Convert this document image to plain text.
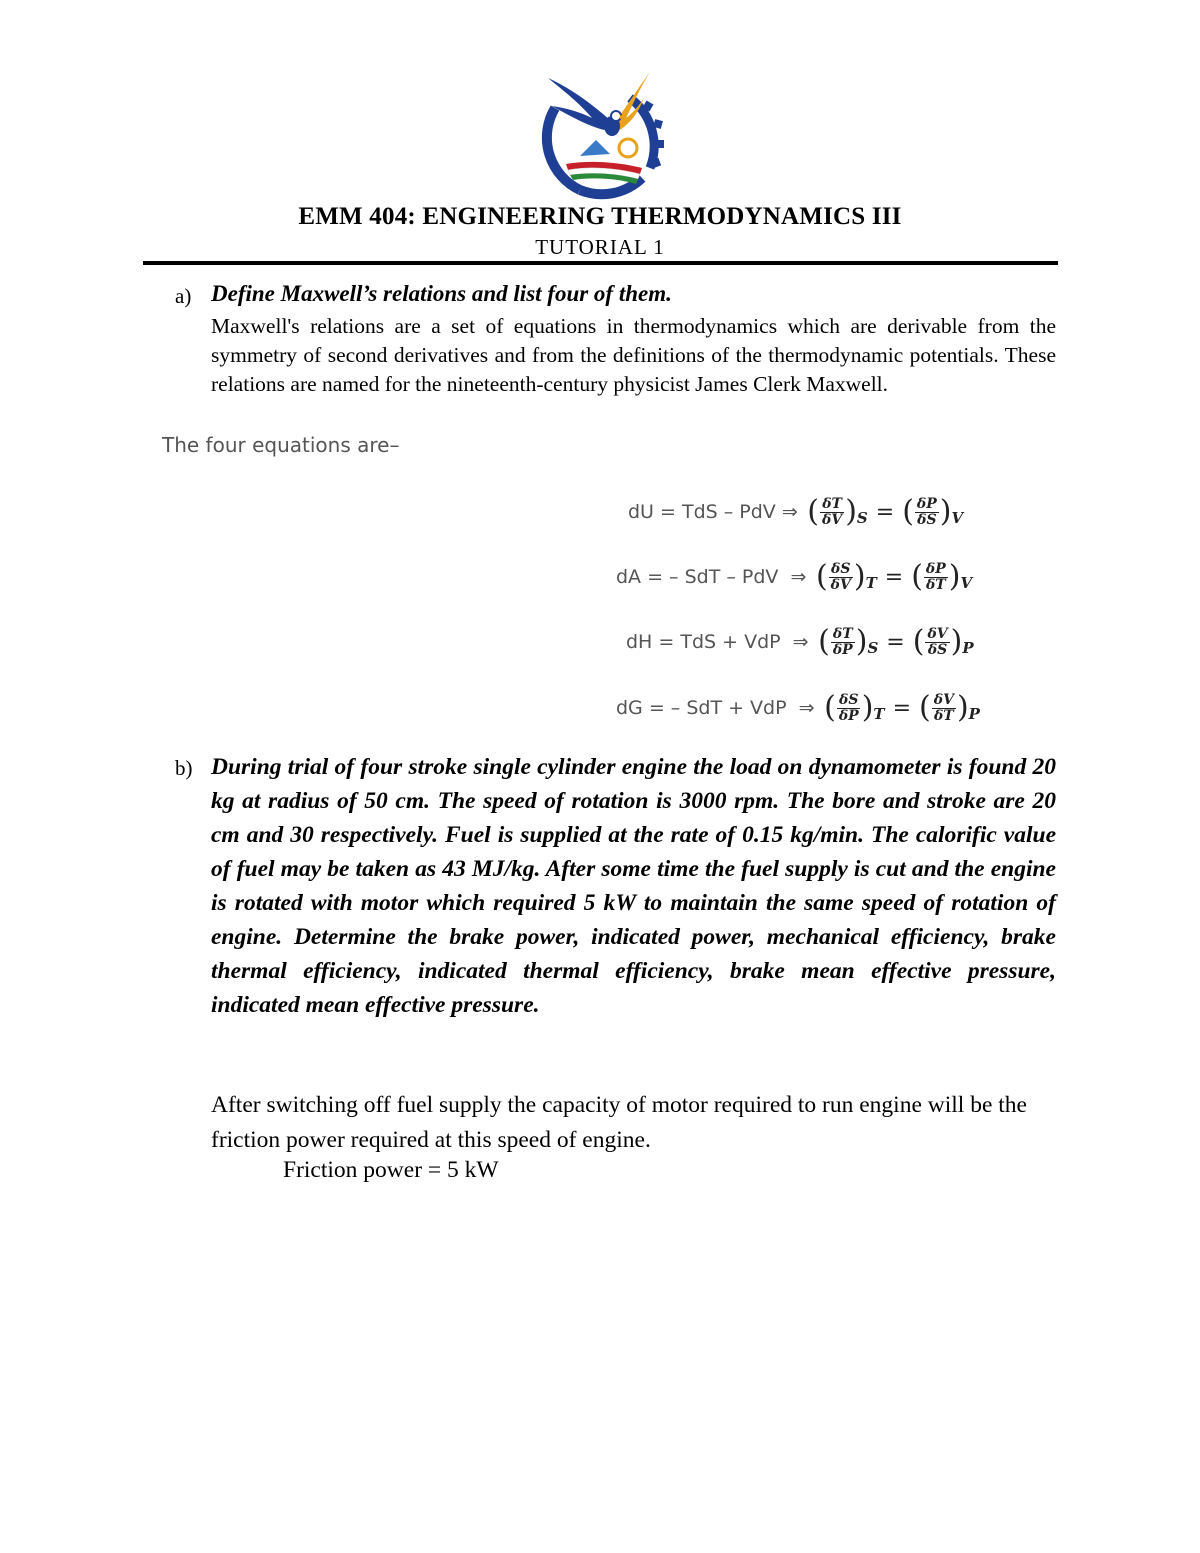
EMM 404: ENGINEERING THERMODYNAMICS III
TUTORIAL 1
a) Define Maxwell’s relations and list four of them.
Maxwell's relations are a set of equations in thermodynamics which are derivable from the symmetry of second derivatives and from the definitions of the thermodynamic potentials. These relations are named for the nineteenth-century physicist James Clerk Maxwell.
The four equations are–
dU = TdS – PdV ⇒ ( $\frac{\delta T}{\delta V}$ ) S = ( $\frac{\delta P}{\delta S}$ ) V
dA = – SdT – PdV  ⇒ ( $\frac{\delta S}{\delta V}$ ) T = ( $\frac{\delta P}{\delta T}$ ) V
dH = TdS + VdP  ⇒ ( $\frac{\delta T}{\delta P}$ ) S = ( $\frac{\delta V}{\delta S}$ ) P
dG = – SdT + VdP  ⇒ ( $\frac{\delta S}{\delta P}$ ) T = ( $\frac{\delta V}{\delta T}$ ) P
b) During trial of four stroke single cylinder engine the load on dynamometer is found 20 kg at radius of 50 cm. The speed of rotation is 3000 rpm. The bore and stroke are 20 cm and 30 respectively. Fuel is supplied at the rate of 0.15 kg/min. The calorific value of fuel may be taken as 43 MJ/kg. After some time the fuel supply is cut and the engine is rotated with motor which required 5 kW to maintain the same speed of rotation of engine. Determine the brake power, indicated power, mechanical efficiency, brake thermal efficiency, indicated thermal efficiency, brake mean effective pressure, indicated mean effective pressure.
After switching off fuel supply the capacity of motor required to run engine will be the friction power required at this speed of engine.
Friction power = 5 kW
